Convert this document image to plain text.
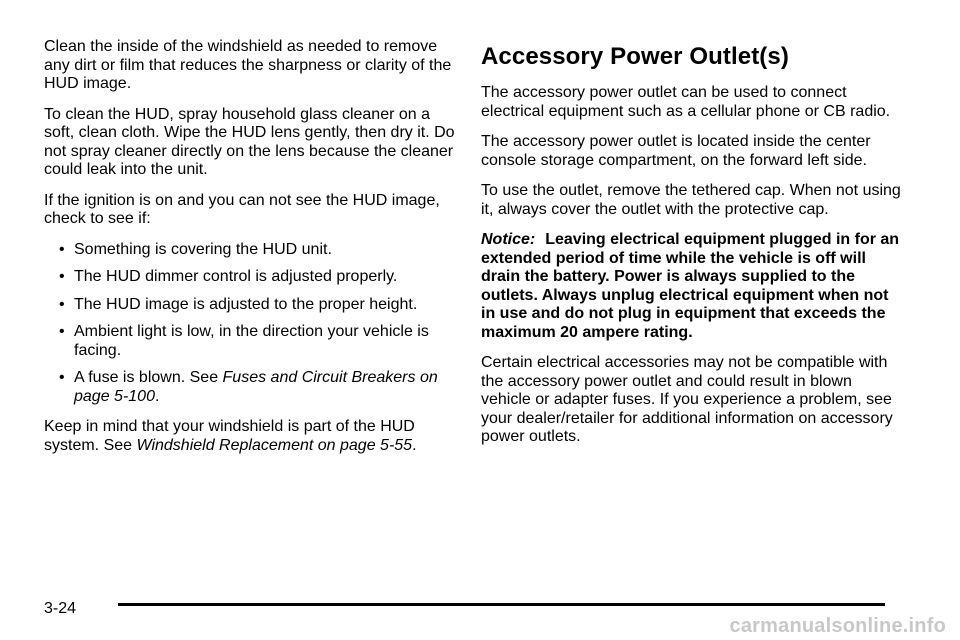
Clean the inside of the windshield as needed to remove any dirt or film that reduces the sharpness or clarity of the HUD image.

To clean the HUD, spray household glass cleaner on a soft, clean cloth. Wipe the HUD lens gently, then dry it. Do not spray cleaner directly on the lens because the cleaner could leak into the unit.

If the ignition is on and you can not see the HUD image, check to see if:

• Something is covering the HUD unit.
• The HUD dimmer control is adjusted properly.
• The HUD image is adjusted to the proper height.
• Ambient light is low, in the direction your vehicle is facing.
• A fuse is blown. See Fuses and Circuit Breakers on page 5-100.

Keep in mind that your windshield is part of the HUD system. See Windshield Replacement on page 5-55.

Accessory Power Outlet(s)

The accessory power outlet can be used to connect electrical equipment such as a cellular phone or CB radio.

The accessory power outlet is located inside the center console storage compartment, on the forward left side.

To use the outlet, remove the tethered cap. When not using it, always cover the outlet with the protective cap.

Notice: Leaving electrical equipment plugged in for an extended period of time while the vehicle is off will drain the battery. Power is always supplied to the outlets. Always unplug electrical equipment when not in use and do not plug in equipment that exceeds the maximum 20 ampere rating.

Certain electrical accessories may not be compatible with the accessory power outlet and could result in blown vehicle or adapter fuses. If you experience a problem, see your dealer/retailer for additional information on accessory power outlets.

3-24
carmanualsonline.info
